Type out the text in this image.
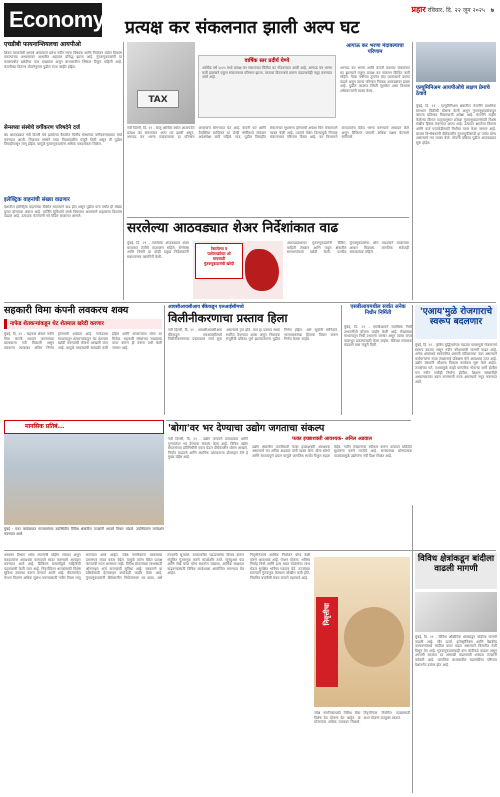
Economy	प्रहार रविवार, दि. २२ जून २०२५ ७
प्रत्यक्ष कर संकलनात झाली अल्प घट
एचडीबी फायनान्शियलचा आयपीओ
शिवम वापरलेली आपले असल्याचे प्रारंभ नवीन रचना विषयक आणि नियोजन उद्योग विकास प्रकल्पाच्या अभ्यासावर आधारित अहवाल प्रसिद्ध झाला आहे. गुंतवणूकदारांनी या कालावधीत खरेदीचा कल दाखवला असून बाजारातील स्थिरता टिकून राहिली आहे. कंपनीच्या वितरण योजनेनुसार पुढील टप्पा जाहीर होईल.
सेन्सच्या संस्थेचे वर्गीकरण परिषदेने दर्ज
बंद आठवड्यात नवी दिल्ली येथे झालेल्या बैठकीत वित्तीय संस्थांच्या वर्गीकरणाबाबत चर्चा करण्यात आली. नियामक संस्थेने नव्या नियमावलीस मंजुरी दिली असून ती पुढील तिमाहीपासून लागू होईल. यामुळे गुंतवणूकदारांना अधिक पारदर्शकता मिळेल.
इलेक्ट्रिक वाहनांची संख्या वाढणार
देशातील इलेक्ट्रिक वाहनांच्या विक्रीत सातत्याने वाढ होत असून पुढील पाच वर्षांत ही संख्या दुप्पट होण्याचा अंदाज आहे. चार्जिंग सुविधांचे जाळे विस्तारत असल्याने ग्राहकांचा विश्वास वाढला आहे. उत्पादक कंपन्यांनी नवे मॉडेल बाजारात आणले.
TAX
वार्षिक स्तर प्रदीर्घ घेण्ये
आर्थिक वर्ष २०२५ मध्ये प्रत्यक्ष कर संकलनात किंचित घट नोंदवण्यात आली आहे. आगाऊ कर भरणा कमी झाल्याने एकूण संकलनावर परिणाम झाला. परतावा वितरणाचे प्रमाण वाढल्याचेही नमूद करण्यात आले आहे.
आगाऊ कर भरणा मंदावल्याचा परिणाम
नवी दिल्ली, दि. २१ - चालू आर्थिक वर्षात आतापर्यंत प्रत्यक्ष कर संकलनात अल्प घट झाली असून, आगाऊ कर भरणा मंदावल्याचा हा परिणाम असल्याचे सांगण्यात येत आहे. कंपनी कर आणि वैयक्तिक प्राप्तिकर या दोन्ही श्रेणींमध्ये संकलन अपेक्षेपेक्षा कमी राहिले. मात्र, पुढील तिमाहीत संकलनात सुधारणा होण्याची अपेक्षा वित्त मंत्रालयाने व्यक्त केली आहे. परतावे वेळेत दिल्यामुळे निव्वळ संकलनावर परिणाम दिसत आहे. कर विभागाने करदात्यांना वेळेत भरणा करण्याचे आवाहन केले असून डिजिटल प्रणाली अधिक सक्षम केल्याचे सांगितले.
आगाऊ कर भरणा आणि कंपनी कराच्या संकलनात घट झाल्याने एकूण प्रत्यक्ष कर संकलन किंचित कमी राहिले. गेल्या वर्षीच्या तुलनेत यंदा परताव्याचे प्रमाण वाढले असून त्याचा परिणाम निव्वळ आकड्यांवर झाला आहे. पुढील काळात स्थिती सुधारेल असा विश्वास अधिकाऱ्यांनी व्यक्त केला.	एल्युमिनिअम आयपीओचे लक्षण प्रेमाचे ठेवावे
मुंबई, दि. २१ - एल्युमिनिअम क्षेत्रातील कंपनीने प्राथमिक समभाग विक्रीची घोषणा केली असून गुंतवणूकदारांकडून चांगला प्रतिसाद मिळण्याची अपेक्षा आहे. कंपनीने जाहीर केलेल्या किंमत पट्ट्यानुसार छोट्या गुंतवणूकदारांसाठी विशेष राखीव हिस्सा ठेवण्यात आला आहे. उत्पादन क्षमतेचा विस्तार आणि कर्ज परतफेडीसाठी निधीचा वापर केला जाणार आहे. बाजार विश्लेषकांनी दीर्घकालीन गुंतवणुकीसाठी हा पर्याय योग्य असल्याचे मत व्यक्त केले. नोंदणी प्रक्रिया पुढील आठवड्यात सुरू होईल.
सरलेल्या आठवड्यात शेअर निर्देशांकात वाढ
मुंबई, दि. २१ - सरलेल्या आठवड्यात शेअर बाजारात तेजीचे वातावरण राहिले. सेन्सेक्स आणि निफ्टी या दोन्ही प्रमुख निर्देशांकांनी सकारात्मक कामगिरी केली.
टेस्टलेल्या व
पल्टेलवर्डाच्या ओ
मायसाठी
गुंतवणूकदारांची खरेदी
आठवड्याभरात गुंतवणूकदारांनी बँकिंग, माहिती तंत्रज्ञान आणि वाहन क्षेत्रातील समभागांमध्ये खरेदी केली. परकीय गुंतवणूकदारांचा ओघ वाढल्याने बाजाराला आधार मिळाला. जागतिक संकेतही सकारात्मक राहिले.
सहकारी विमा कंपनी लवकरच शक्य
नाफेड शेतकऱ्यांकडून थेट शेतमाल खरेदी करणार
मुंबई, दि. २१ - सहकार क्षेत्रात नवीन विमा कंपनी स्थापन करण्याच्या प्रस्तावाला गती मिळाली असून लवकरच त्याबाबत अंतिम निर्णय होण्याची शक्यता आहे. नाफेडच्या माध्यमातून शेतकऱ्यांकडून थेट शेतमाल खरेदी करण्याची योजना आखली जात आहे. यामुळे मध्यस्थांची साखळी कमी होईल आणि शेतकऱ्यांना योग्य दर मिळेल. सहकारी संस्थांच्या जाळ्याचा वापर करून ही यंत्रणा उभी केली जाणार आहे.
आयसीआयसीआय बँकेकडून एलआईसीमध्ये
विलीनीकरणाचा प्रस्ताव हिला
नवी दिल्ली, दि. २१ - आयसीआयसीआय बँकेकडून एलआयसीमध्ये विलीनीकरणाच्या प्रस्तावावर चर्चा सुरू असल्याचे वृत्त होते. मात्र हा प्रस्ताव सध्या स्थगित ठेवण्यात आला असून नियामक मंजुरीची प्रक्रिया पूर्ण झाल्यानंतरच पुढील निर्णय होईल, असे सूत्रांनी सांगितले. भागधारकांच्या हिताचा विचार करून निर्णय घेतला जाईल.
एसबीआयमधील सर्वात अनेक निधीन निर्मिती
मुंबई, दि. २१ - एसबीआयने सर्वाधिक निधी उभारणीची योजना जाहीर केली आहे. रोख्यांच्या माध्यमातून निधी उभारला जाणार असून त्याचा वापर पायाभूत प्रकल्पांसाठी केला जाईल. बँकेच्या संचालक मंडळाने यास मंजुरी दिली.
'एआय'मुळे रोजगाराचे स्वरूप बदलणार
मुंबई, दि. २१ - कृत्रिम बुद्धिमत्तेच्या वाढत्या वापरामुळे रोजगाराचे स्वरूप बदलत असून नवीन कौशल्यांची मागणी वाढत आहे. अनेक क्षेत्रांमध्ये स्वयंचलित प्रणाली स्वीकारल्या जात असल्याने कर्मचाऱ्यांना नव्या तंत्रज्ञानाचे प्रशिक्षण घेणे आवश्यक ठरत आहे. उद्योग संस्थांनी कौशल्य विकास कार्यक्रम सुरू केले आहेत. तज्ज्ञांच्या मते, एआयमुळे काही पारंपरिक नोकऱ्या कमी होतील पण नवीन संधीही निर्माण होतील. शिक्षण संस्थांनीही अभ्यासक्रमात बदल करण्याची गरज असल्याचे नमूद करण्यात आले.
मानसिक प्रतिबं...
मुंबई : एका कार्यक्रमात मान्यवरांच्या उपस्थितीत विविध क्षेत्रांतील तज्ज्ञांनी आपले विचार मांडले. उपस्थितांना मार्गदर्शन करण्यात आले.
'बोगा'वर भर देण्याचा उद्योग जगताचा संकल्प
नवी दिल्ली, दि. २१ - उद्योग जगताने उत्पादकता आणि गुणवत्तेवर भर देण्याचा संकल्प केला आहे. विविध उद्योग संघटनांच्या प्रतिनिधींनी एकत्र येऊन दीर्घकालीन धोरण आखले. निर्यात वाढवणे आणि स्थानिक उत्पादनाला प्रोत्साहन देणे हे मुख्य उद्दिष्ट आहे.
फक्त इच्छाशक्ती आवश्यक- अनिल अडवाल
उद्योग क्षेत्रातील प्रगतीसाठी फक्त इच्छाशक्ती आवश्यक असल्याचे मत अनिल अडवाल यांनी व्यक्त केले. योग्य धोरणे आणि सातत्यपूर्ण प्रयत्न यामुळे जागतिक स्पर्धेत टिकून राहता येईल. नवीन तंत्रज्ञानाचा स्वीकार करून उत्पादन प्रक्रियेत सुधारणा करणे गरजेचे आहे. सरकारच्या धोरणात्मक पाठबळामुळे उद्योगांना नवी दिशा मिळत आहे.
आयकर विभाग सर्वत्र तपासणी मोहीम राबवत असून करदात्यांना आवश्यक कागदपत्रे सादर करण्याचे आवाहन करण्यात आले आहे. डिजिटल प्रणालीद्वारे माहितीची पडताळणी केली जात आहे. निवृत्तीवेतन धारकांसाठी विशेष सुविधा उपलब्ध करून देण्यात आली आहे. बँकांमार्फत पेन्शन वितरण अधिक सुलभ करण्यासाठी नवीन नियम लागू करण्यात आले आहेत. ज्येष्ठ नागरिकांना घरबसल्या प्रमाणपत्र सादर करता येईल. यामुळे त्यांना बँकेत प्रत्यक्ष जाण्याची गरज भासणार नाही. विविध योजनांच्या लाभासाठी ऑनलाइन अर्ज करण्याची सुविधा आहे. सरकारने या प्रक्रियेसाठी हेल्पलाइन क्रमांकही जाहीर केला आहे. गुंतवणूकदारांनी दीर्घकालीन नियोजनावर भर द्यावा, असे तज्ज्ञांनी सुचवले. बाजारातील चढउतारांचा विचार करून संतुलित गुंतवणूक करणे फायदेशीर ठरते. म्युच्युअल फंड आणि रोखे यांचा योग्य समतोल राखावा. आर्थिक साक्षरता वाढवण्यासाठी विविध कार्यशाळा आयोजित करण्यात येत आहेत.
निवृत्तीनंतरचे आर्थिक नियोजन योग्य वेळी करणे आवश्यक आहे. पेन्शन योजना, भविष्य निर्वाह निधी आणि इतर बचत योजनांचा लाभ घेऊन सुरक्षित भविष्य घडवता येते. तज्ज्ञांच्या सल्ल्याने गुंतवणूक केल्यास जोखीम कमी होते. नियमित बचतीची सवय लावणे महत्त्वाचे आहे.
निवृत्तीचा
ज्येष्ठ नागरिकांसाठी विविध बँका विशेष ठेव योजना देत आहेत. या योजनांवर अधिक व्याजदर मिळतो. निवृत्तीनंतर नियमित उत्पन्नासाठी अशा योजना उपयुक्त ठरतात.
विविध क्षेत्रांकडून बांदीला वाढली मागणी
मुंबई, दि. २१ - विविध औद्योगिक क्षेत्रांकडून चांदीला मागणी वाढली आहे. सौर ऊर्जा, इलेक्ट्रॉनिक्स आणि वैद्यकीय उपकरणांमध्ये चांदीचा वापर वाढत असल्याने किमतीत तेजी दिसून येत आहे. गुंतवणूकदारांचाही कल चांदीकडे वाढला असून आगामी काळात दर आणखी वाढण्याची शक्यता तज्ज्ञांनी वर्तवली आहे. जागतिक बाजारातील घडामोडींचा परिणाम देशांतर्गत दरांवर होत आहे.
